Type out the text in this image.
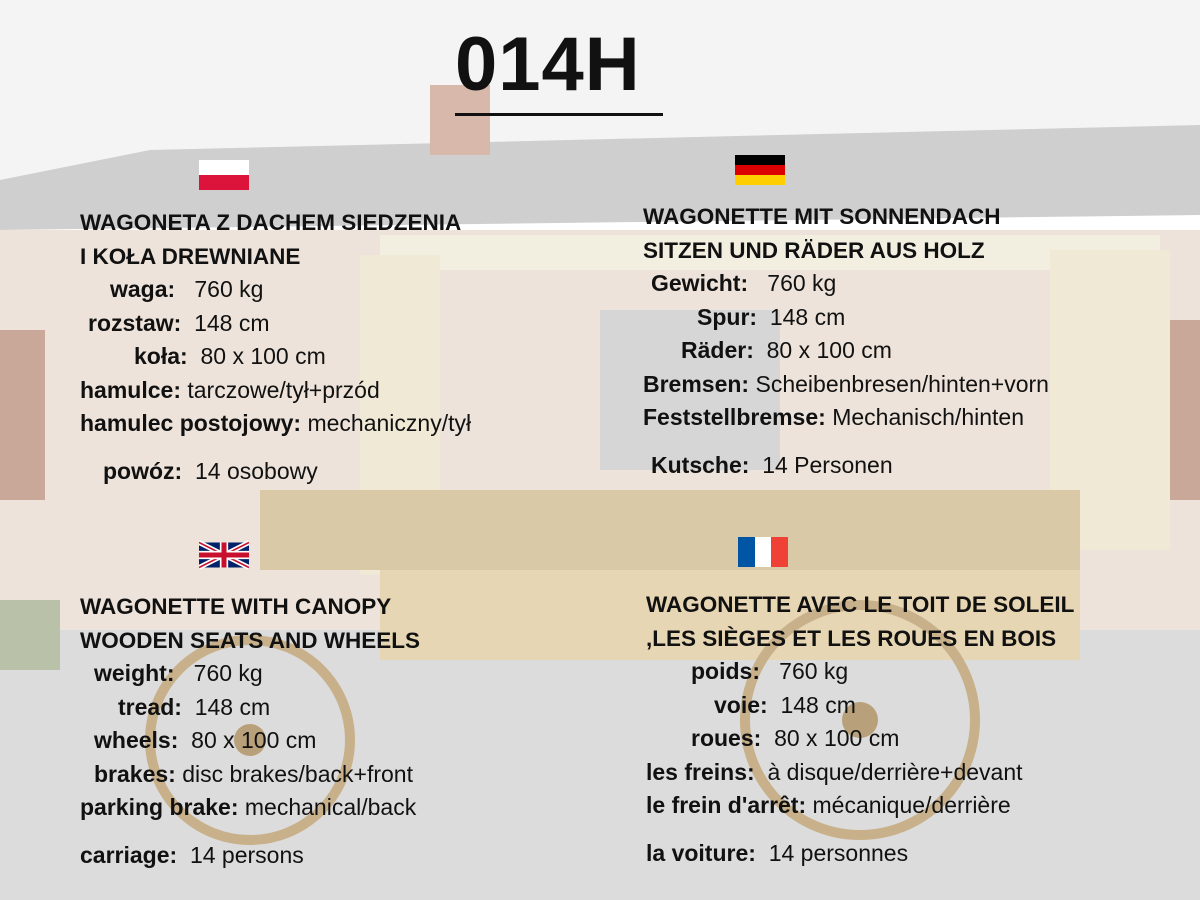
014H
WAGONETA Z DACHEM SIEDZENIA
I KOŁA DREWNIANE
waga: 760 kg
rozstaw: 148 cm
koła: 80 x 100 cm
hamulce: tarczowe/tył+przód
hamulec postojowy: mechaniczny/tył
powóz: 14 osobowy
WAGONETTE MIT SONNENDACH
SITZEN UND RÄDER AUS HOLZ
Gewicht: 760 kg
Spur: 148 cm
Räder: 80 x 100 cm
Bremsen: Scheibenbresen/hinten+vorn
Feststellbremse: Mechanisch/hinten
Kutsche: 14 Personen
WAGONETTE WITH CANOPY
WOODEN SEATS AND WHEELS
weight: 760 kg
tread: 148 cm
wheels: 80 x 100 cm
brakes: disc brakes/back+front
parking brake: mechanical/back
carriage: 14 persons
WAGONETTE AVEC LE TOIT DE SOLEIL
,LES SIÈGES ET LES ROUES EN BOIS
poids: 760 kg
voie: 148 cm
roues: 80 x 100 cm
les freins: à disque/derrière+devant
le frein d'arrêt: mécanique/derrière
la voiture: 14 personnes
